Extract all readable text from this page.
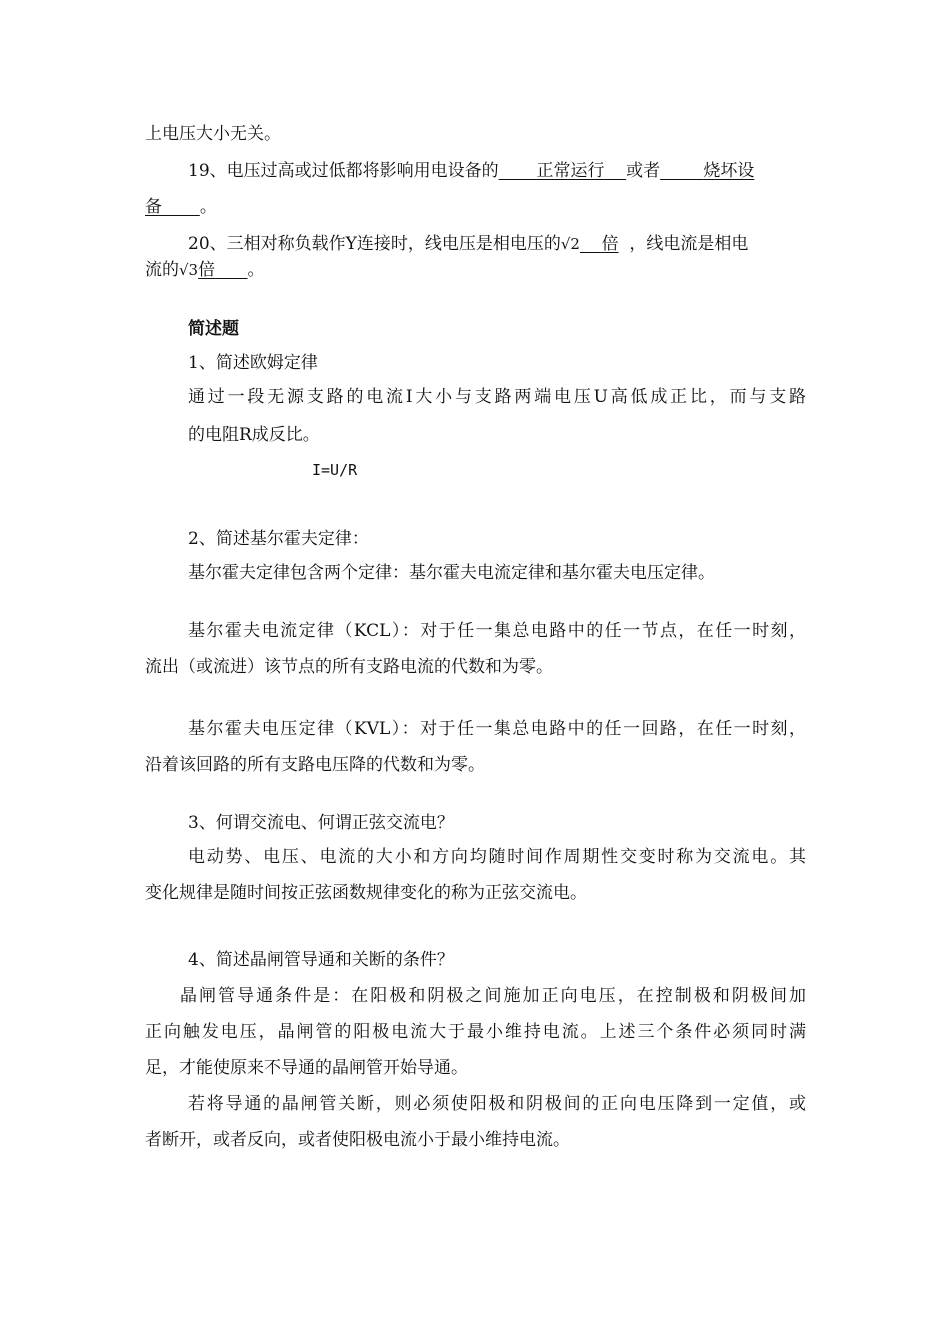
上电压大小无关。
19、电压过高或过低都将影响用电设备的 正常运行 或者	烧坏设
备 。
20、三相对称负载作Y连接时，线电压是相电压的√2 倍 ，线电流是相电
流的√3倍 。
简述题
1、简述欧姆定律
通过一段无源支路的电流I大小与支路两端电压U高低成正比，而与支路
的电阻R成反比。
I=U/R
2、简述基尔霍夫定律：
基尔霍夫定律包含两个定律：基尔霍夫电流定律和基尔霍夫电压定律。
基尔霍夫电流定律（KCL）：对于任一集总电路中的任一节点，在任一时刻，
流出（或流进）该节点的所有支路电流的代数和为零。
基尔霍夫电压定律（KVL）：对于任一集总电路中的任一回路，在任一时刻，
沿着该回路的所有支路电压降的代数和为零。
3、何谓交流电、何谓正弦交流电？
电动势、电压、电流的大小和方向均随时间作周期性交变时称为交流电。其
变化规律是随时间按正弦函数规律变化的称为正弦交流电。
4、简述晶闸管导通和关断的条件？
晶闸管导通条件是：在阳极和阴极之间施加正向电压，在控制极和阴极间加
正向触发电压，晶闸管的阳极电流大于最小维持电流。上述三个条件必须同时满
足，才能使原来不导通的晶闸管开始导通。
若将导通的晶闸管关断，则必须使阳极和阴极间的正向电压降到一定值，或
者断开，或者反向，或者使阳极电流小于最小维持电流。
